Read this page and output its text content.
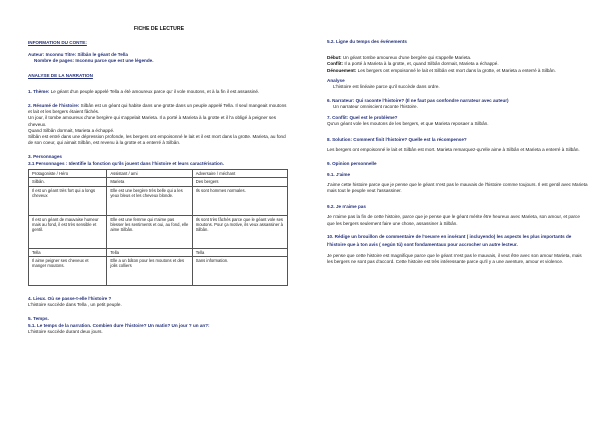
FICHE DE LECTURE

INFORMATION DU CONTE:

Auteur: Inconnu Titre: Silbân le géant de Tella

Nombre de pages: Inconnu parce que est une légende.

ANALYSE DE LA NARRATION

1. Thème: Le géant d'un peuple appelé Tella a été amoureux parce qu' il vole moutons, et à la fin il est assassiné.

2. Résumé de l'histoire: Silbân est un géant qui habite dans une grotte dans un peuple appelé Tella. Il seul mangeait moutons et lait et les bergers étaient fâchés.

Un jour, il tombe amoureux d'une bergère qui s'appelait Marieta. Il a porté à Marieta à la grotte et il l'a obligé à peigner ses cheveux.

Quand Silbân dormait, Marieta a échappé.

Silbân est entré dans une dépression profonde, les bergers ont empoisonné le lait et il est mort dans la grotte. Marieta, au fond de son coeur, qui aimait Silbân, est revenu à la grotte et a enterré à Silbân.

3. Personnages

3.1 Personnages : Identifie la fonction qu'ils jouent dans l'histoire et leurs caractérisation.

Protagoniste / Héro	Assistant / ami	Adversaire / méchant
Silbân.	Marieta	Des bergers
Il est un géant très fort qui a longs cheveux	Elle est une bergère très belle qui a les yeux bleus et les cheveux blonde.	Ils sont hommes normales.
Il est un géant de mauvaise humeur mais au fond, il est très sensible et gentil.	Elle est une femme qui n'aime pas blesser les sentiments et oui, au fond, elle aime Silbân.	Ils sont très fâchés parce que le géant vole ses moutons. Pour ça motive, ils veux assassiner à Silbân.
Tella	Tella	Tella
Il aime peigner ses cheveux et manger moutons.	Elle a un bâton pour les moutons et des jolis colliers	Sans information.

4. Lieux. Où se passe-t-elle l'histoire ?

L'histoire succède dans Tella , un petit peuple.

5. Temps.

5.1. Le temps de la narration. Combien dure l'histoire? Un matin? Un jour ? un an?:

L'histoire succède durant deux jours.

5.2. Ligne du temps des événements

Début: Un géant tombe amoureux d'une bergère qui s'appelle Marieta.

Conflit: Il a porté à Marieta à la grotte, et, quand Silbân dormait, Marieta a échappé.

Dénouement: Les bergers ont empoisonné le lait et Silbân est mort dans la grotte, et Marieta a enterré à Silbân.

Analyse

L'histoire est linéaire parce qu'il succède dans ordre.

6. Narrateur: Qui raconte l'histoire? (Il ne faut pas confondre narrateur avec auteur)

Un narrateur omniscient raconte l'histoire.

7. Conflit: Quel est le problème?

Qu'un géant vole les moutons de les bergers, et que Marieta reposaer a Silbân.

8. Solution: Comment finit l'histoire? Quelle est la récompense?

Les bergers ont empoisonné le lait et Silbân est mort. Marieta remarquez-qu'elle aime à Silbân et Marieta a enterré à Silbân.

9. Opinion personnelle

9.1. J'aime

J'aime cette histoire parce que je pense que le géant n'est pas le mauvais de l'histoire comme toujours. Il est gentil avec Marieta mais tout le peuple veut l'assassiner.

9.2. Je n'aime pas

Je n'aime pas la fin de cette histoire, parce que je pense que le géant mérite être heureux avec Marieta, son amour, et parce que les bergers seulement faire une chose, assassiner à Silbân.

10. Rédige un brouillon de commentaire de l'oeuvre en insérant ( incluyendo) les aspects les plus importants de l'histoire que à ton avis ( según tú) sont fondamentaux pour accrocher un autre lecteur.

Je pense que cette histoire est magnifique parce que le géant n'est pas le mauvais, il veut être avec son amour Marieta, mais les bergers ne sont pas d'accord. Cette histoire est très intéressante parce qu'il y a une aventure, amour et violence.
